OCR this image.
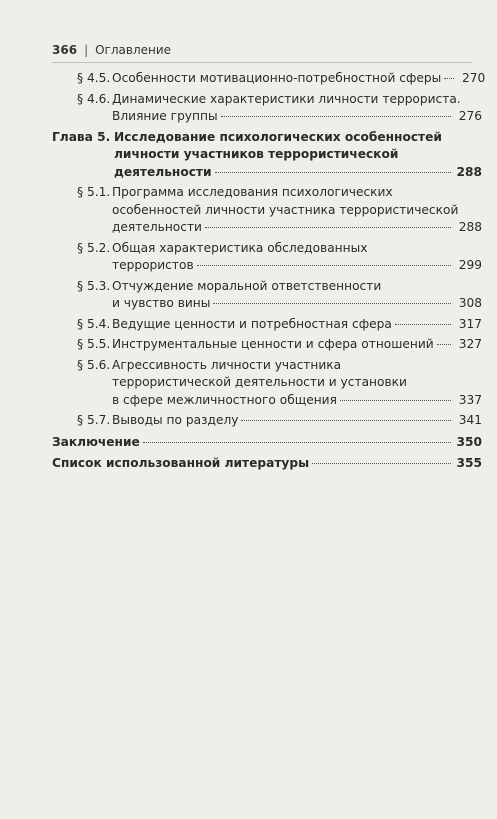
366 | Оглавление
§ 4.5. Особенности мотивационно-потребностной сферы	270
§ 4.6. Динамические характеристики личности террориста.
Влияние группы	276
Глава 5. Исследование психологических особенностей
личности участников террористической
деятельности	288
§ 5.1. Программа исследования психологических
особенностей личности участника террористической
деятельности	288
§ 5.2. Общая характеристика обследованных
террористов	299
§ 5.3. Отчуждение моральной ответственности
и чувство вины	308
§ 5.4. Ведущие ценности и потребностная сфера	317
§ 5.5. Инструментальные ценности и сфера отношений	327
§ 5.6. Агрессивность личности участника
террористической деятельности и установки
в сфере межличностного общения	337
§ 5.7. Выводы по разделу	341
Заключение	350
Список использованной литературы	355
